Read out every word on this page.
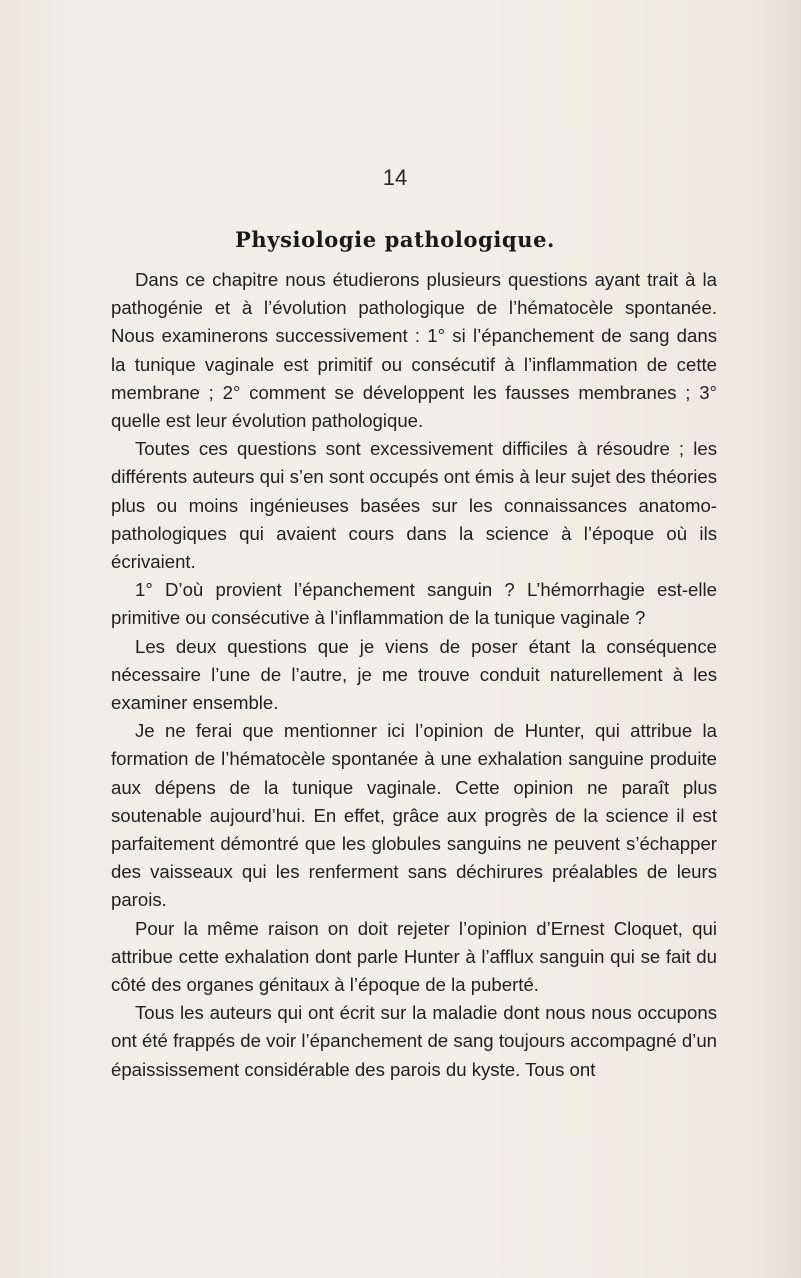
14
Physiologie pathologique.

Dans ce chapitre nous étudierons plusieurs questions ayant trait à la pathogénie et à l’évolution pathologique de l’hématocèle spontanée. Nous examinerons successivement : 1° si l’épanchement de sang dans la tunique vaginale est primitif ou consécutif à l’inflammation de cette membrane ; 2° comment se développent les fausses membranes ; 3° quelle est leur évolution pathologique.

Toutes ces questions sont excessivement difficiles à résoudre ; les différents auteurs qui s’en sont occupés ont émis à leur sujet des théories plus ou moins ingénieuses basées sur les connaissances anatomo-pathologiques qui avaient cours dans la science à l’époque où ils écrivaient.

1° D’où provient l’épanchement sanguin ? L’hémorrhagie est-elle primitive ou consécutive à l’inflammation de la tunique vaginale ?

Les deux questions que je viens de poser étant la conséquence nécessaire l’une de l’autre, je me trouve conduit naturellement à les examiner ensemble.

Je ne ferai que mentionner ici l’opinion de Hunter, qui attribue la formation de l’hématocèle spontanée à une exhalation sanguine produite aux dépens de la tunique vaginale. Cette opinion ne paraît plus soutenable aujourd’hui. En effet, grâce aux progrès de la science il est parfaitement démontré que les globules sanguins ne peuvent s’échapper des vaisseaux qui les renferment sans déchirures préalables de leurs parois.

Pour la même raison on doit rejeter l’opinion d’Ernest Cloquet, qui attribue cette exhalation dont parle Hunter à l’afflux sanguin qui se fait du côté des organes génitaux à l’époque de la puberté.

Tous les auteurs qui ont écrit sur la maladie dont nous nous occupons ont été frappés de voir l’épanchement de sang toujours accompagné d’un épaississement considérable des parois du kyste. Tous ont
